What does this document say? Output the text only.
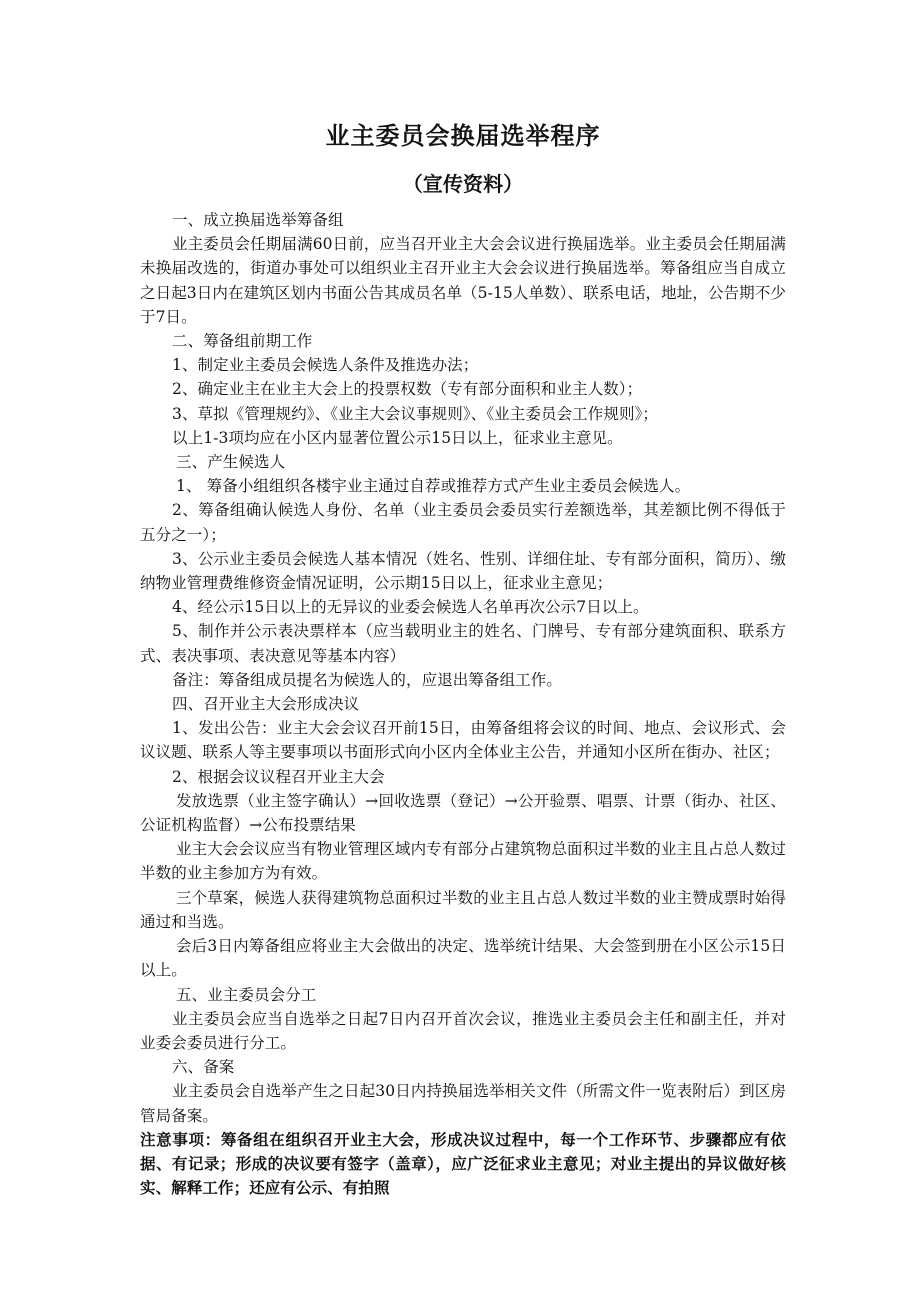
业主委员会换届选举程序
（宣传资料）

一、成立换届选举筹备组

业主委员会任期届满60日前，应当召开业主大会会议进行换届选举。业主委员会任期届满未换届改选的，街道办事处可以组织业主召开业主大会会议进行换届选举。筹备组应当自成立之日起3日内在建筑区划内书面公告其成员名单（5-15人单数）、联系电话，地址，公告期不少于7日。

二、筹备组前期工作

1、制定业主委员会候选人条件及推选办法；

2、确定业主在业主大会上的投票权数（专有部分面积和业主人数）；

3、草拟《管理规约》、《业主大会议事规则》、《业主委员会工作规则》；

以上1-3项均应在小区内显著位置公示15日以上，征求业主意见。

三、产生候选人

1、 筹备小组组织各楼宇业主通过自荐或推荐方式产生业主委员会候选人。

2、筹备组确认候选人身份、名单（业主委员会委员实行差额选举，其差额比例不得低于五分之一）；

3、公示业主委员会候选人基本情况（姓名、性别、详细住址、专有部分面积，简历）、缴纳物业管理费维修资金情况证明，公示期15日以上，征求业主意见；

4、经公示15日以上的无异议的业委会候选人名单再次公示7日以上。

5、制作并公示表决票样本（应当载明业主的姓名、门牌号、专有部分建筑面积、联系方式、表决事项、表决意见等基本内容）

备注：筹备组成员提名为候选人的，应退出筹备组工作。

四、召开业主大会形成决议

1、发出公告：业主大会会议召开前15日，由筹备组将会议的时间、地点、会议形式、会议议题、联系人等主要事项以书面形式向小区内全体业主公告，并通知小区所在街办、社区；

2、根据会议议程召开业主大会

发放选票（业主签字确认）→回收选票（登记）→公开验票、唱票、计票（街办、社区、公证机构监督）→公布投票结果

业主大会会议应当有物业管理区域内专有部分占建筑物总面积过半数的业主且占总人数过半数的业主参加方为有效。

三个草案，候选人获得建筑物总面积过半数的业主且占总人数过半数的业主赞成票时始得通过和当选。

会后3日内筹备组应将业主大会做出的决定、选举统计结果、大会签到册在小区公示15日以上。

五、业主委员会分工

业主委员会应当自选举之日起7日内召开首次会议，推选业主委员会主任和副主任，并对业委会委员进行分工。

六、备案

业主委员会自选举产生之日起30日内持换届选举相关文件（所需文件一览表附后）到区房管局备案。

注意事项：筹备组在组织召开业主大会，形成决议过程中，每一个工作环节、步骤都应有依据、有记录；形成的决议要有签字（盖章），应广泛征求业主意见；对业主提出的异议做好核实、解释工作；还应有公示、有拍照
